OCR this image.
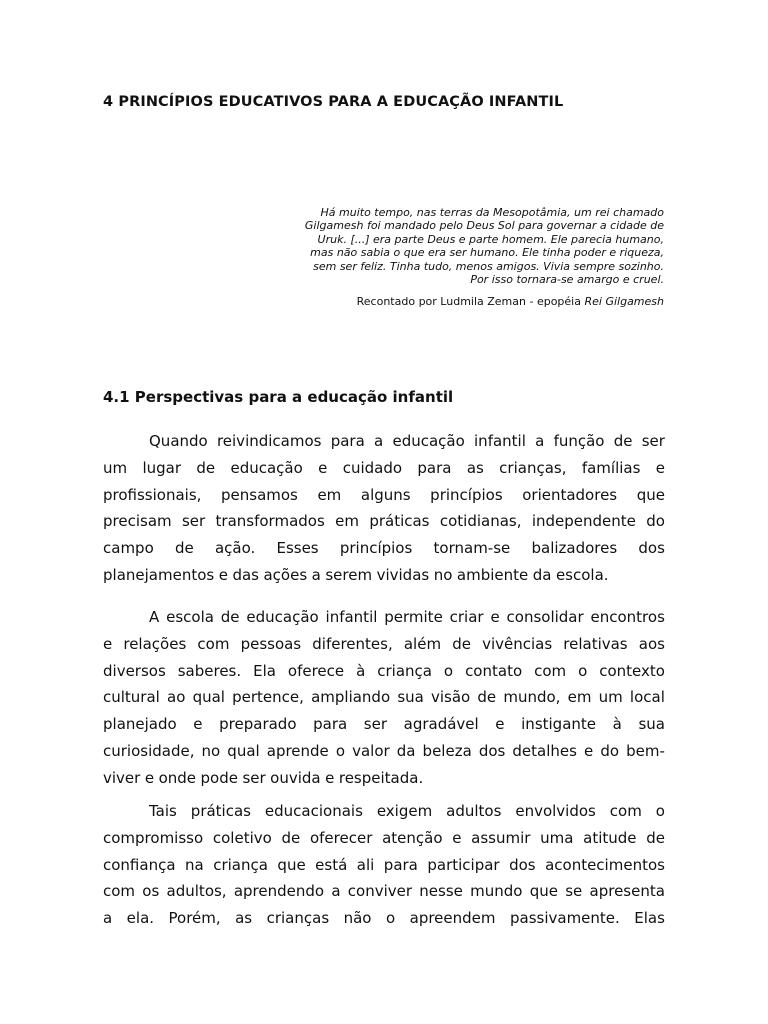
4 PRINCÍPIOS EDUCATIVOS PARA A EDUCAÇÃO INFANTIL
Há muito tempo, nas terras da Mesopotâmia, um rei chamado
Gilgamesh foi mandado pelo Deus Sol para governar a cidade de
Uruk. [...] era parte Deus e parte homem. Ele parecia humano,
mas não sabia o que era ser humano. Ele tinha poder e riqueza,
sem ser feliz. Tinha tudo, menos amigos. Vivia sempre sozinho.
Por isso tornara-se amargo e cruel.
Recontado por Ludmila Zeman - epopéia Rei Gilgamesh
4.1 Perspectivas para a educação infantil
Quando reivindicamos para a educação infantil a função de ser
um lugar de educação e cuidado para as crianças, famílias e
profissionais, pensamos em alguns princípios orientadores que
precisam ser transformados em práticas cotidianas, independente do
campo de ação. Esses princípios tornam-se balizadores dos
planejamentos e das ações a serem vividas no ambiente da escola.
A escola de educação infantil permite criar e consolidar encontros
e relações com pessoas diferentes, além de vivências relativas aos
diversos saberes. Ela oferece à criança o contato com o contexto
cultural ao qual pertence, ampliando sua visão de mundo, em um local
planejado e preparado para ser agradável e instigante à sua
curiosidade, no qual aprende o valor da beleza dos detalhes e do bem-
viver e onde pode ser ouvida e respeitada.
Tais práticas educacionais exigem adultos envolvidos com o
compromisso coletivo de oferecer atenção e assumir uma atitude de
confiança na criança que está ali para participar dos acontecimentos
com os adultos, aprendendo a conviver nesse mundo que se apresenta
a ela. Porém, as crianças não o apreendem passivamente. Elas
